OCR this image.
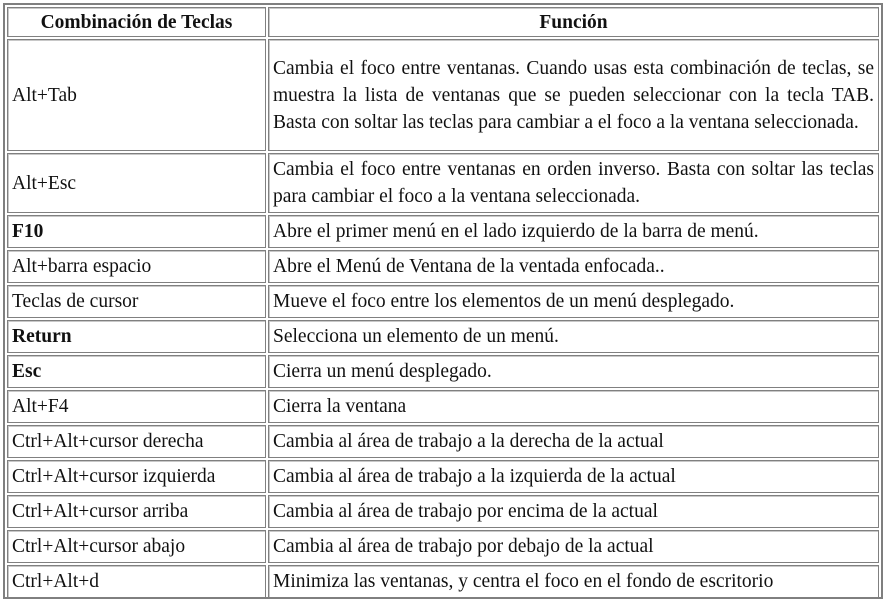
Combinación de Teclas	Función
Alt+Tab	Cambia el foco entre ventanas. Cuando usas esta combinación de teclas, se muestra la lista de ventanas que se pueden seleccionar con la tecla TAB. Basta con soltar las teclas para cambiar a el foco a la ventana seleccionada.
Alt+Esc	Cambia el foco entre ventanas en orden inverso. Basta con soltar las teclas para cambiar el foco a la ventana seleccionada.
F10	Abre el primer menú en el lado izquierdo de la barra de menú.
Alt+barra espacio	Abre el Menú de Ventana de la ventada enfocada..
Teclas de cursor	Mueve el foco entre los elementos de un menú desplegado.
Return	Selecciona un elemento de un menú.
Esc	Cierra un menú desplegado.
Alt+F4	Cierra la ventana
Ctrl+Alt+cursor derecha	Cambia al área de trabajo a la derecha de la actual
Ctrl+Alt+cursor izquierda	Cambia al área de trabajo a la izquierda de la actual
Ctrl+Alt+cursor arriba	Cambia al área de trabajo por encima de la actual
Ctrl+Alt+cursor abajo	Cambia al área de trabajo por debajo de la actual
Ctrl+Alt+d	Minimiza las ventanas, y centra el foco en el fondo de escritorio
